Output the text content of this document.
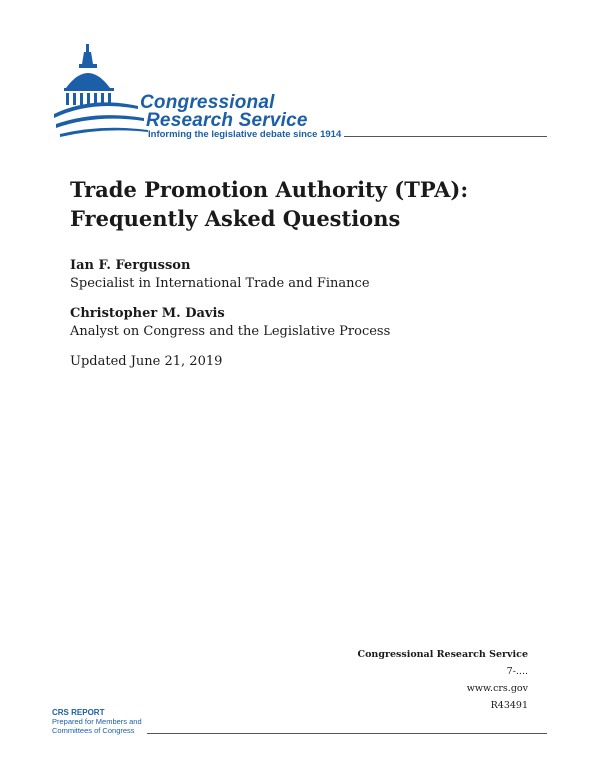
Congressional
Research Service
Informing the legislative debate since 1914
Trade Promotion Authority (TPA):
Frequently Asked Questions
Ian F. Fergusson
Specialist in International Trade and Finance
Christopher M. Davis
Analyst on Congress and the Legislative Process
Updated June 21, 2019
Congressional Research Service
7-....
www.crs.gov
R43491
CRS REPORT
Prepared for Members and
Committees of Congress
